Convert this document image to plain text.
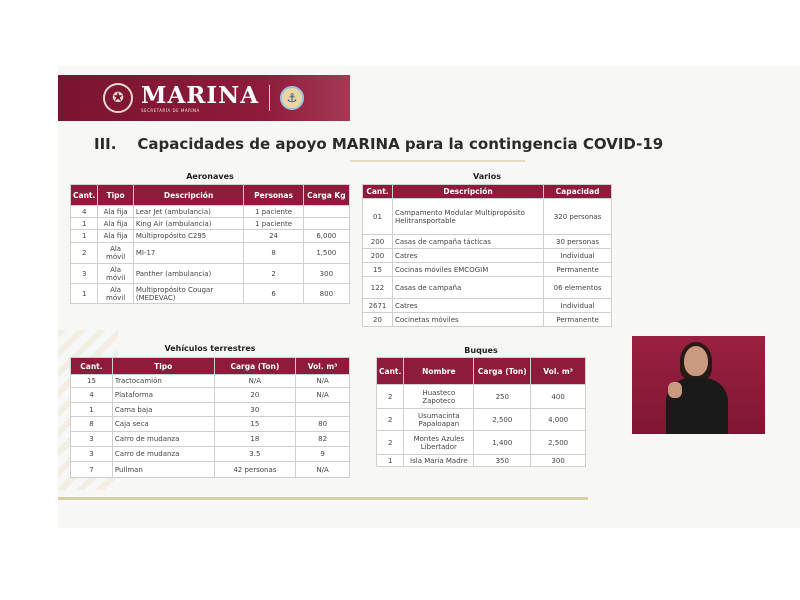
✪ MARINA
SECRETARÍA DE MARINA
⚓
III.    Capacidades de apoyo MARINA para la contingencia COVID-19
Aeronaves
Cant.	Tipo	Descripción	Personas	Carga Kg
4	Ala fija	Lear Jet (ambulancia)	1 paciente	
1	Ala fija	King Air (ambulancia)	1 paciente	
1	Ala fija	Multipropósito C295	24	6,000
2	Ala móvil	MI-17	8	1,500
3	Ala móvil	Panther (ambulancia)	2	300
1	Ala móvil	Multipropósito Cougar (MEDEVAC)	6	800
Varios
Cant.	Descripción	Capacidad
01	Campamento Modular Multipropósito Helitransportable	320 personas
200	Casas de campaña tácticas	30 personas
200	Catres	Individual
15	Cocinas móviles EMCOGIM	Permanente
122	Casas de campaña	06 elementos
2671	Catres	Individual
20	Cocinetas móviles	Permanente
Vehículos terrestres
Cant.	Tipo	Carga (Ton)	Vol. m³
15	Tractocamión	N/A	N/A
4	Plataforma	20	N/A
1	Cama baja	30	
8	Caja seca	15	80
3	Carro de mudanza	18	82
3	Carro de mudanza	3.5	9
7	Pullman	42 personas	N/A
Buques
Cant.	Nombre	Carga (Ton)	Vol. m³
2	Huasteco Zapoteco	250	400
2	Usumacinta Papaloapan	2,500	4,000
2	Montes Azules Libertador	1,400	2,500
1	Isla María Madre	350	300
